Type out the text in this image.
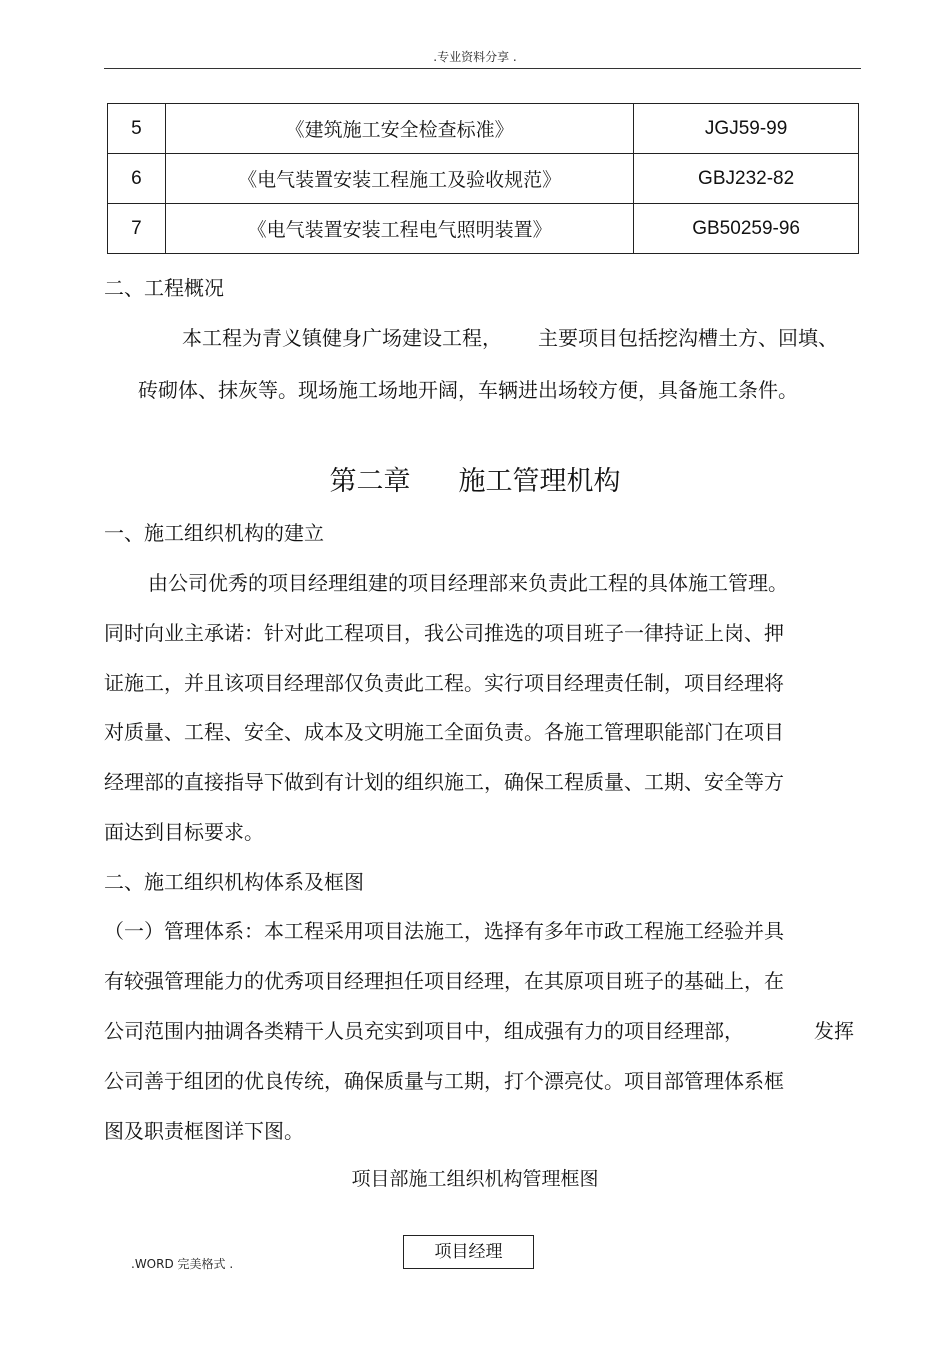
.专业资料分享 .
5	《建筑施工安全检查标准》	JGJ59-99
6	《电气装置安装工程施工及验收规范》	GBJ232-82
7	《电气装置安装工程电气照明装置》	GB50259-96
二、工程概况
本工程为青义镇健身广场建设工程， 主要项目包括挖沟槽土方、回填、
砖砌体、抹灰等。现场施工场地开阔，车辆进出场较方便，具备施工条件。
第二章 施工管理机构
一、施工组织机构的建立
由公司优秀的项目经理组建的项目经理部来负责此工程的具体施工管理。
同时向业主承诺：针对此工程项目，我公司推选的项目班子一律持证上岗、押
证施工，并且该项目经理部仅负责此工程。实行项目经理责任制，项目经理将
对质量、工程、安全、成本及文明施工全面负责。各施工管理职能部门在项目
经理部的直接指导下做到有计划的组织施工，确保工程质量、工期、安全等方
面达到目标要求。
二、施工组织机构体系及框图
（一）管理体系：本工程采用项目法施工，选择有多年市政工程施工经验并具
有较强管理能力的优秀项目经理担任项目经理，在其原项目班子的基础上，在
公司范围内抽调各类精干人员充实到项目中，组成强有力的项目经理部，	发挥
公司善于组团的优良传统，确保质量与工期，打个漂亮仗。项目部管理体系框
图及职责框图详下图。
项目部施工组织机构管理框图
项目经理
.WORD 完美格式 .
